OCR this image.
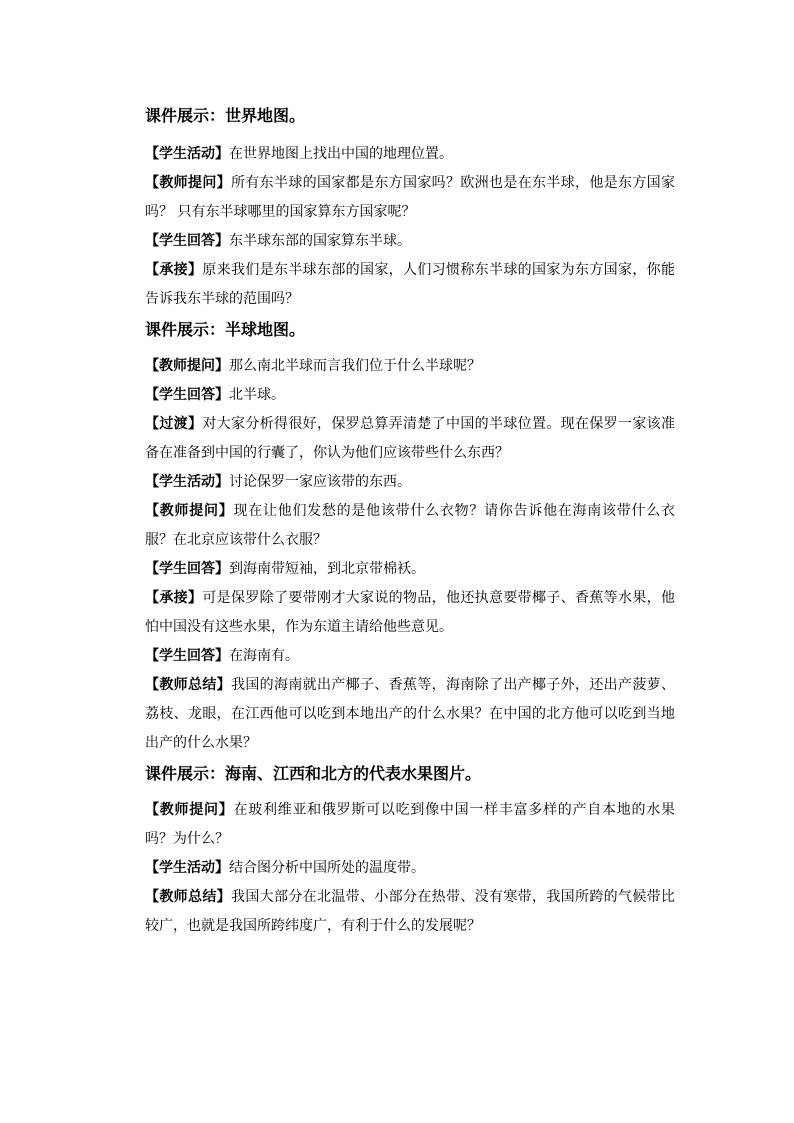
课件展示：世界地图。

【学生活动】在世界地图上找出中国的地理位置。

【教师提问】所有东半球的国家都是东方国家吗？欧洲也是在东半球，他是东方国家吗？ 只有东半球哪里的国家算东方国家呢？

【学生回答】东半球东部的国家算东半球。

【承接】原来我们是东半球东部的国家，人们习惯称东半球的国家为东方国家，你能告诉我东半球的范围吗？

课件展示：半球地图。

【教师提问】那么南北半球而言我们位于什么半球呢？

【学生回答】北半球。

【过渡】对大家分析得很好，保罗总算弄清楚了中国的半球位置。现在保罗一家该准备在准备到中国的行囊了，你认为他们应该带些什么东西？

【学生活动】讨论保罗一家应该带的东西。

【教师提问】现在让他们发愁的是他该带什么衣物？请你告诉他在海南该带什么衣服？在北京应该带什么衣服？

【学生回答】到海南带短袖，到北京带棉袄。

【承接】可是保罗除了要带刚才大家说的物品，他还执意要带椰子、香蕉等水果，他怕中国没有这些水果，作为东道主请给他些意见。

【学生回答】在海南有。

【教师总结】我国的海南就出产椰子、香蕉等，海南除了出产椰子外，还出产菠萝、荔枝、龙眼，在江西他可以吃到本地出产的什么水果？在中国的北方他可以吃到当地出产的什么水果？

课件展示：海南、江西和北方的代表水果图片。

【教师提问】在玻利维亚和俄罗斯可以吃到像中国一样丰富多样的产自本地的水果吗？为什么？

【学生活动】结合图分析中国所处的温度带。

【教师总结】我国大部分在北温带、小部分在热带、没有寒带，我国所跨的气候带比较广，也就是我国所跨纬度广，有利于什么的发展呢？
